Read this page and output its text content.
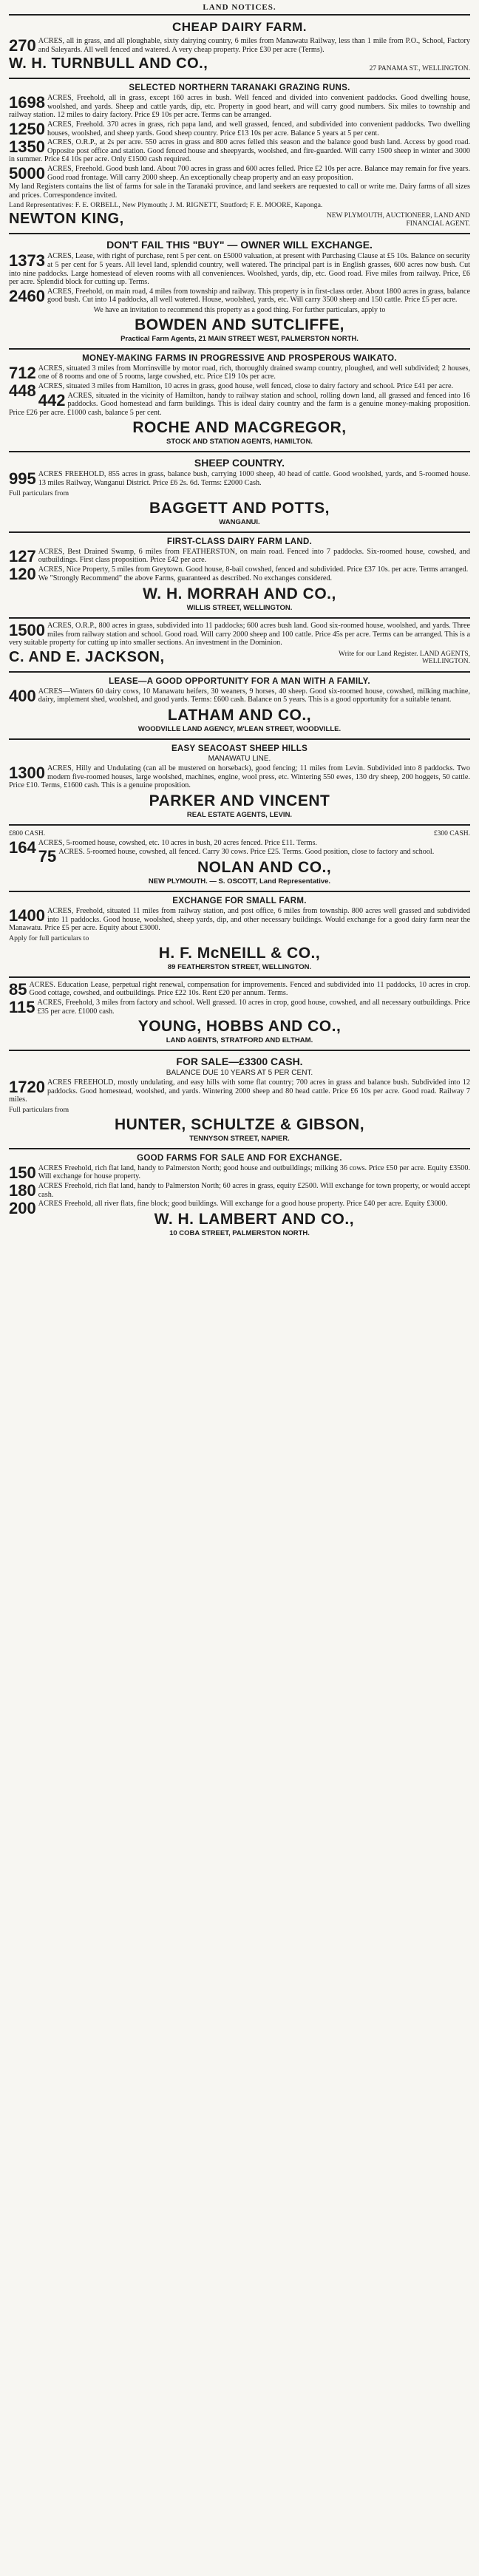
LAND NOTICES.
CHEAP DAIRY FARM.
270 ACRES, all in grass, and all ploughable, sixty dairying country, 6 miles from Manawatu Railway, less than 1 mile from P.O., School, Factory and Saleyards. All well fenced and watered. A very cheap property. Price £30 per acre (Terms).
W. H. TURNBULL AND CO.,	27 PANAMA ST., WELLINGTON.
SELECTED NORTHERN TARANAKI GRAZING RUNS.
1698 ACRES, Freehold, all in grass, except 160 acres in bush. Well fenced and divided into convenient paddocks. Good dwelling house, woolshed, and yards. Sheep and cattle yards, dip, etc. Property in good heart, and will carry good numbers. Six miles to township and railway station. 12 miles to dairy factory. Price £9 10s per acre. Terms can be arranged.
1250 ACRES, Freehold. 370 acres in grass, rich papa land, and well grassed, fenced, and subdivided into convenient paddocks. Two dwelling houses, woolshed, and sheep yards. Good sheep country. Price £13 10s per acre. Balance 5 years at 5 per cent.
1350 ACRES, O.R.P., at 2s per acre. 550 acres in grass and 800 acres felled this season and the balance good bush land. Access by good road. Opposite post office and station. Good fenced house and sheepyards, woolshed, and fire-guarded. Will carry 1500 sheep in winter and 3000 in summer. Price £4 10s per acre. Only £1500 cash required.
5000 ACRES, Freehold. Good bush land. About 700 acres in grass and 600 acres felled. Price £2 10s per acre. Balance may remain for five years. Good road frontage. Will carry 2000 sheep. An exceptionally cheap property and an easy proposition.
My land Registers contains the list of farms for sale in the Taranaki province, and land seekers are requested to call or write me. Dairy farms of all sizes and prices. Correspondence invited.
Land Representatives: F. E. ORBELL, New Plymouth; J. M. RIGNETT, Stratford; F. E. MOORE, Kaponga.
NEWTON KING,	NEW PLYMOUTH, AUCTIONEER, LAND AND FINANCIAL AGENT.
DON'T FAIL THIS "BUY" — OWNER WILL EXCHANGE.
1373 ACRES, Lease, with right of purchase, rent 5 per cent. on £5000 valuation, at present with Purchasing Clause at £5 10s. Balance on security at 5 per cent for 5 years. All level land, splendid country, well watered. The principal part is in English grasses, 600 acres now bush. Cut into nine paddocks. Large homestead of eleven rooms with all conveniences. Woolshed, yards, dip, etc. Good road. Five miles from railway. Price, £6 per acre. Splendid block for cutting up. Terms.
2460 ACRES, Freehold, on main road, 4 miles from township and railway. This property is in first-class order. About 1800 acres in grass, balance good bush. Cut into 14 paddocks, all well watered. House, woolshed, yards, etc. Will carry 3500 sheep and 150 cattle. Price £5 per acre.
We have an invitation to recommend this property as a good thing. For further particulars, apply to
BOWDEN AND SUTCLIFFE,
Practical Farm Agents, 21 MAIN STREET WEST, PALMERSTON NORTH.
MONEY-MAKING FARMS IN PROGRESSIVE AND PROSPEROUS WAIKATO.
712 ACRES, situated 3 miles from Morrinsville by motor road, rich, thoroughly drained swamp country, ploughed, and well subdivided; 2 houses, one of 8 rooms and one of 5 rooms, large cowshed, etc. Price £19 10s per acre.
448 ACRES, situated 3 miles from Hamilton, 10 acres in grass, good house, well fenced, close to dairy factory and school. Price £41 per acre.
442 ACRES, situated in the vicinity of Hamilton, handy to railway station and school, rolling down land, all grassed and fenced into 16 paddocks. Good homestead and farm buildings. This is ideal dairy country and the farm is a genuine money-making proposition. Price £26 per acre. £1000 cash, balance 5 per cent.
ROCHE AND MACGREGOR,
STOCK AND STATION AGENTS, HAMILTON.
SHEEP COUNTRY.
995 ACRES FREEHOLD, 855 acres in grass, balance bush, carrying 1000 sheep, 40 head of cattle. Good woolshed, yards, and 5-roomed house. 13 miles Railway, Wanganui District. Price £6 2s. 6d. Terms: £2000 Cash.
Full particulars from
BAGGETT AND POTTS,
WANGANUI.
FIRST-CLASS DAIRY FARM LAND.
127 ACRES, Best Drained Swamp, 6 miles from FEATHERSTON, on main road. Fenced into 7 paddocks. Six-roomed house, cowshed, and outbuildings. First class proposition. Price £42 per acre.
120 ACRES, Nice Property, 5 miles from Greytown. Good house, 8-bail cowshed, fenced and subdivided. Price £37 10s. per acre. Terms arranged.
We "Strongly Recommend" the above Farms, guaranteed as described. No exchanges considered.
W. H. MORRAH AND CO.,
WILLIS STREET, WELLINGTON.
1500 ACRES, O.R.P., 800 acres in grass, subdivided into 11 paddocks; 600 acres bush land. Good six-roomed house, woolshed, and yards. Three miles from railway station and school. Good road. Will carry 2000 sheep and 100 cattle. Price 45s per acre. Terms can be arranged. This is a very suitable property for cutting up into smaller sections. An investment in the Dominion.
C. AND E. JACKSON,	Write for our Land Register. LAND AGENTS, WELLINGTON.
LEASE—A GOOD OPPORTUNITY FOR A MAN WITH A FAMILY.
400 ACRES—Winters 60 dairy cows, 10 Manawatu heifers, 30 weaners, 9 horses, 40 sheep. Good six-roomed house, cowshed, milking machine, dairy, implement shed, woolshed, and good yards. Terms: £600 cash. Balance on 5 years. This is a good opportunity for a suitable tenant.
LATHAM AND CO.,
WOODVILLE LAND AGENCY, M'LEAN STREET, WOODVILLE.
EASY SEACOAST SHEEP HILLS
MANAWATU LINE.
1300 ACRES, Hilly and Undulating (can all be mustered on horseback), good fencing; 11 miles from Levin. Subdivided into 8 paddocks. Two modern five-roomed houses, large woolshed, machines, engine, wool press, etc. Wintering 550 ewes, 130 dry sheep, 200 hoggets, 50 cattle. Price £10. Terms, £1600 cash. This is a genuine proposition.
PARKER AND VINCENT
REAL ESTATE AGENTS, LEVIN.
£800 CASH.	£300 CASH.
164 ACRES, 5-roomed house, cowshed, etc. 10 acres in bush, 20 acres fenced. Price £11. Terms.
75 ACRES. 5-roomed house, cowshed, all fenced. Carry 30 cows. Price £25. Terms. Good position, close to factory and school.
NOLAN AND CO.,
NEW PLYMOUTH. — S. OSCOTT, Land Representative.
EXCHANGE FOR SMALL FARM.
1400 ACRES, Freehold, situated 11 miles from railway station, and post office, 6 miles from township. 800 acres well grassed and subdivided into 11 paddocks. Good house, woolshed, sheep yards, dip, and other necessary buildings. Would exchange for a good dairy farm near the Manawatu. Price £5 per acre. Equity about £3000.
Apply for full particulars to
H. F. McNEILL & CO.,
89 FEATHERSTON STREET, WELLINGTON.
85 ACRES. Education Lease, perpetual right renewal, compensation for improvements. Fenced and subdivided into 11 paddocks, 10 acres in crop. Good cottage, cowshed, and outbuildings. Price £22 10s. Rent £20 per annum. Terms.
115 ACRES, Freehold, 3 miles from factory and school. Well grassed. 10 acres in crop, good house, cowshed, and all necessary outbuildings. Price £35 per acre. £1000 cash.
YOUNG, HOBBS AND CO.,
LAND AGENTS, STRATFORD AND ELTHAM.
FOR SALE—£3300 CASH.
BALANCE DUE 10 YEARS AT 5 PER CENT.
1720 ACRES FREEHOLD, mostly undulating, and easy hills with some flat country; 700 acres in grass and balance bush. Subdivided into 12 paddocks. Good homestead, woolshed, and yards. Wintering 2000 sheep and 80 head cattle. Price £6 10s per acre. Good road. Railway 7 miles.
Full particulars from
HUNTER, SCHULTZE & GIBSON,
TENNYSON STREET, NAPIER.
GOOD FARMS FOR SALE AND FOR EXCHANGE.
150 ACRES Freehold, rich flat land, handy to Palmerston North; good house and outbuildings; milking 36 cows. Price £50 per acre. Equity £3500. Will exchange for house property.
180 ACRES Freehold, rich flat land, handy to Palmerston North; 60 acres in grass, equity £2500. Will exchange for town property, or would accept cash.
200 ACRES Freehold, all river flats, fine block; good buildings. Will exchange for a good house property. Price £40 per acre. Equity £3000.
W. H. LAMBERT AND CO.,
10 COBA STREET, PALMERSTON NORTH.
